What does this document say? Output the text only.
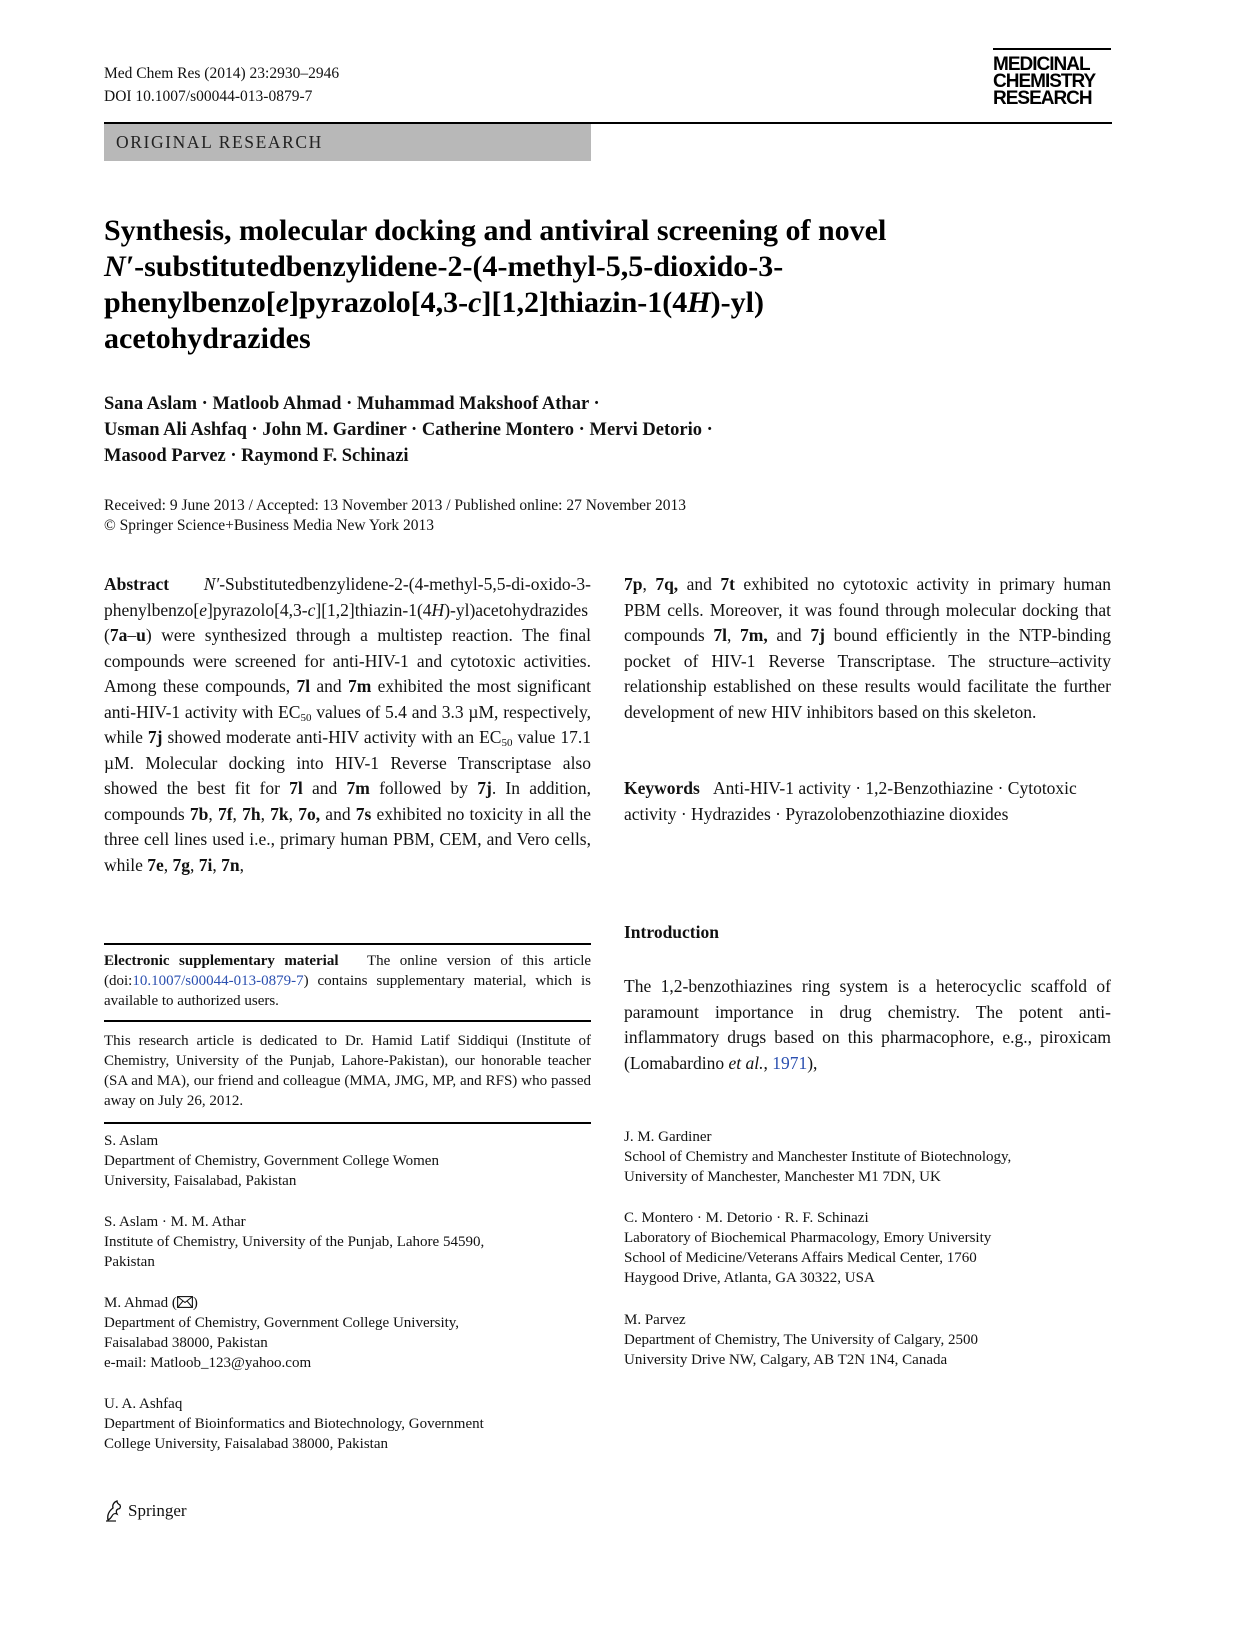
Med Chem Res (2014) 23:2930–2946
DOI 10.1007/s00044-013-0879-7
MEDICINAL
CHEMISTRY
RESEARCH
ORIGINAL RESEARCH
Synthesis, molecular docking and antiviral screening of novel
N′-substitutedbenzylidene-2-(4-methyl-5,5-dioxido-3-
phenylbenzo[e]pyrazolo[4,3-c][1,2]thiazin-1(4H)-yl)
acetohydrazides
Sana Aslam · Matloob Ahmad · Muhammad Makshoof Athar ·
Usman Ali Ashfaq · John M. Gardiner · Catherine Montero · Mervi Detorio ·
Masood Parvez · Raymond F. Schinazi
Received: 9 June 2013 / Accepted: 13 November 2013 / Published online: 27 November 2013
© Springer Science+Business Media New York 2013
Abstract N′-Substitutedbenzylidene-2-(4-methyl-5,5-di-oxido-3-phenylbenzo[e]pyrazolo[4,3-c][1,2]thiazin-1(4H)-yl)acetohydrazides (7a–u) were synthesized through a multistep reaction. The final compounds were screened for anti-HIV-1 and cytotoxic activities. Among these compounds, 7l and 7m exhibited the most significant anti-HIV-1 activity with $EC_{50}$ values of 5.4 and 3.3 µM, respectively, while 7j showed moderate anti-HIV activity with an $EC_{50}$ value 17.1 µM. Molecular docking into HIV-1 Reverse Transcriptase also showed the best fit for 7l and 7m followed by 7j. In addition, compounds 7b, 7f, 7h, 7k, 7o, and 7s exhibited no toxicity in all the three cell lines used i.e., primary human PBM, CEM, and Vero cells, while 7e, 7g, 7i, 7n,
7p, 7q, and 7t exhibited no cytotoxic activity in primary human PBM cells. Moreover, it was found through molecular docking that compounds 7l, 7m, and 7j bound efficiently in the NTP-binding pocket of HIV-1 Reverse Transcriptase. The structure–activity relationship established on these results would facilitate the further development of new HIV inhibitors based on this skeleton.
Keywords Anti-HIV-1 activity · 1,2-Benzothiazine · Cytotoxic activity · Hydrazides · Pyrazolobenzothiazine dioxides
Introduction
The 1,2-benzothiazines ring system is a heterocyclic scaffold of paramount importance in drug chemistry. The potent anti-inflammatory drugs based on this pharmacophore, e.g., piroxicam (Lomabardino et al., 1971),
Electronic supplementary material The online version of this article (doi:10.1007/s00044-013-0879-7) contains supplementary material, which is available to authorized users.
This research article is dedicated to Dr. Hamid Latif Siddiqui (Institute of Chemistry, University of the Punjab, Lahore-Pakistan), our honorable teacher (SA and MA), our friend and colleague (MMA, JMG, MP, and RFS) who passed away on July 26, 2012.
S. Aslam
Department of Chemistry, Government College Women
University, Faisalabad, Pakistan
S. Aslam · M. M. Athar
Institute of Chemistry, University of the Punjab, Lahore 54590,
Pakistan
M. Ahmad ( )
Department of Chemistry, Government College University,
Faisalabad 38000, Pakistan
e-mail: Matloob_123@yahoo.com
U. A. Ashfaq
Department of Bioinformatics and Biotechnology, Government
College University, Faisalabad 38000, Pakistan
J. M. Gardiner
School of Chemistry and Manchester Institute of Biotechnology,
University of Manchester, Manchester M1 7DN, UK
C. Montero · M. Detorio · R. F. Schinazi
Laboratory of Biochemical Pharmacology, Emory University
School of Medicine/Veterans Affairs Medical Center, 1760
Haygood Drive, Atlanta, GA 30322, USA
M. Parvez
Department of Chemistry, The University of Calgary, 2500
University Drive NW, Calgary, AB T2N 1N4, Canada
Springer
